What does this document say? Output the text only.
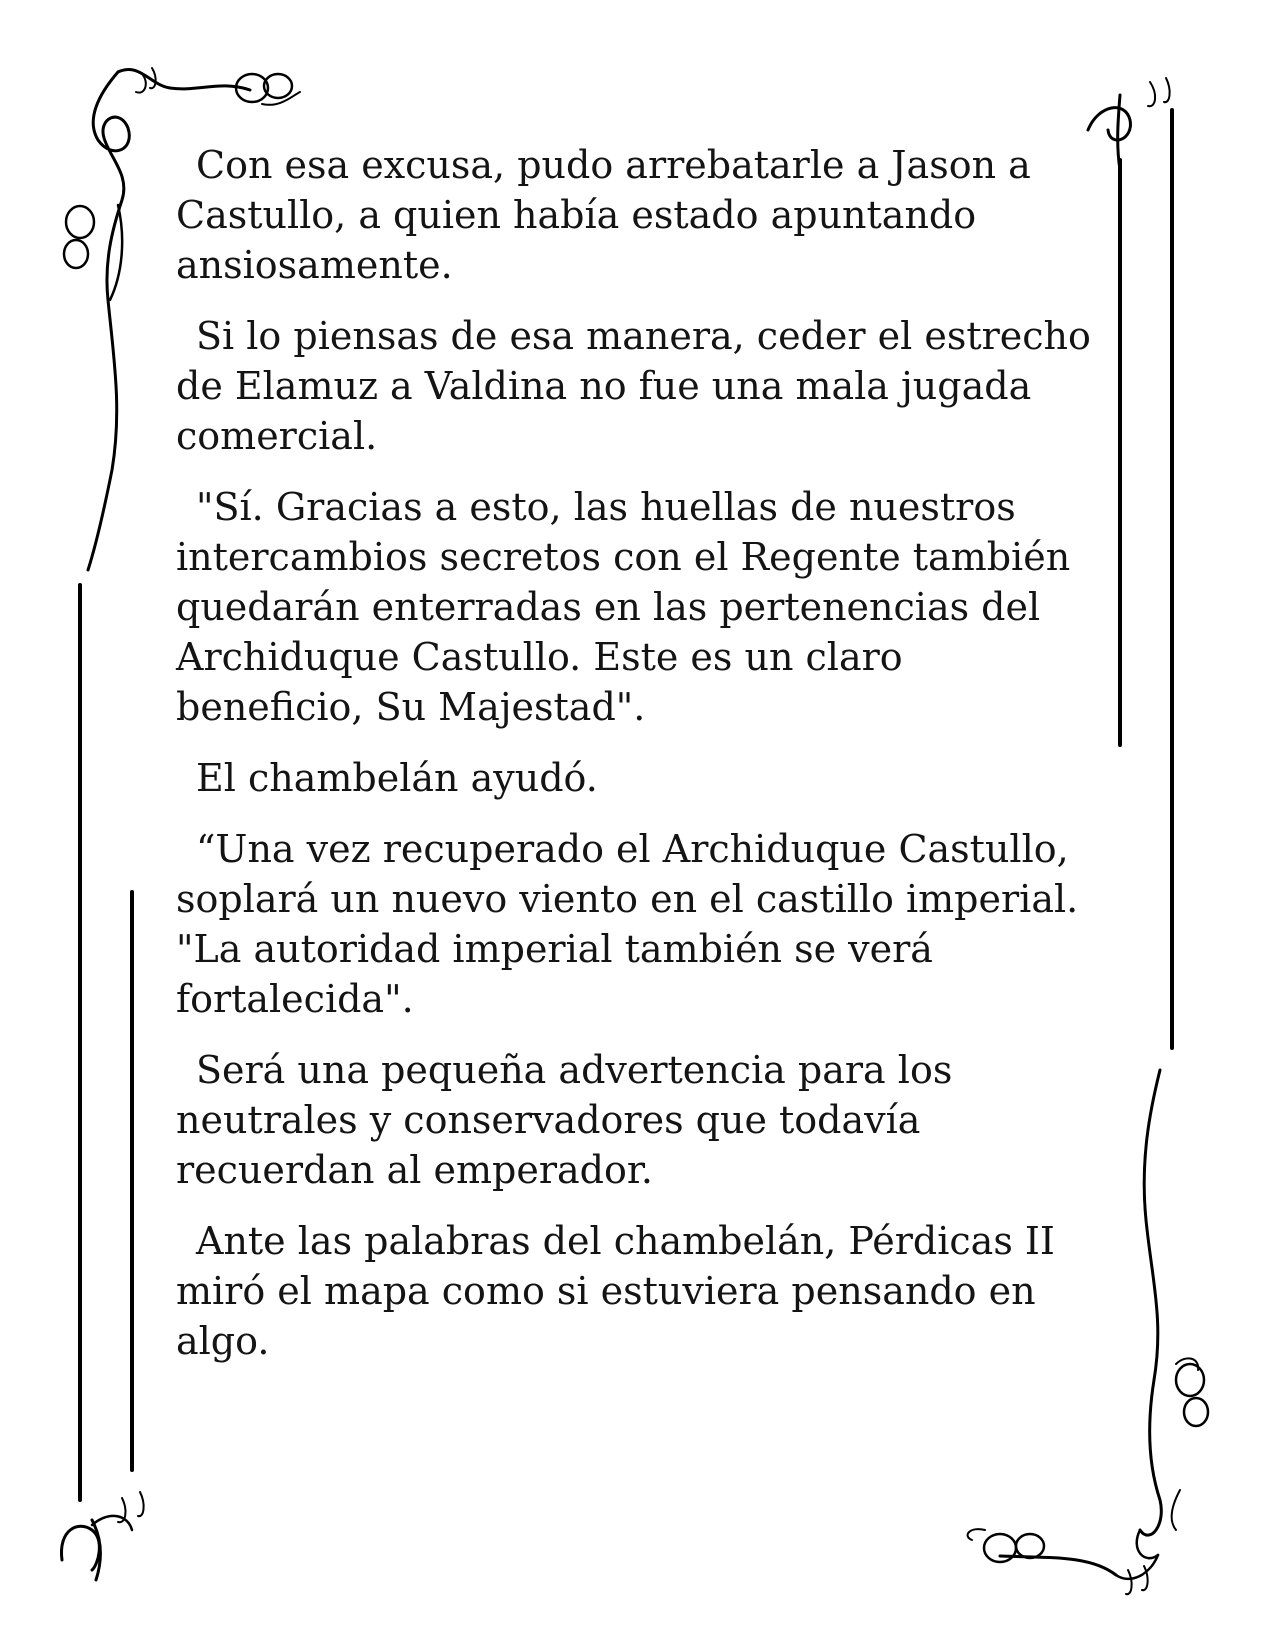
Con esa excusa, pudo arrebatarle a Jason a Castullo, a quien había estado apuntando ansiosamente.

Si lo piensas de esa manera, ceder el estrecho de Elamuz a Valdina no fue una mala jugada comercial.

"Sí. Gracias a esto, las huellas de nuestros intercambios secretos con el Regente también quedarán enterradas en las pertenencias del Archiduque Castullo. Este es un claro beneficio, Su Majestad".

El chambelán ayudó.

“Una vez recuperado el Archiduque Castullo, soplará un nuevo viento en el castillo imperial. "La autoridad imperial también se verá fortalecida".

Será una pequeña advertencia para los neutrales y conservadores que todavía recuerdan al emperador.

Ante las palabras del chambelán, Pérdicas II miró el mapa como si estuviera pensando en algo.
